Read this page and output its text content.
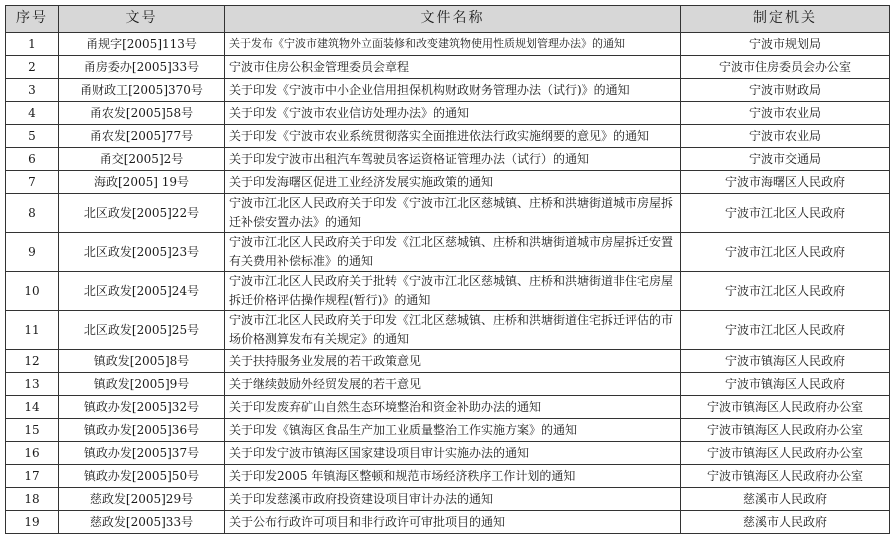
序号	文号	文件名称	制定机关
1	甬规字[2005]113号	关于发布《宁波市建筑物外立面装修和改变建筑物使用性质规划管理办法》的通知	宁波市规划局
2	甬房委办[2005]33号	宁波市住房公积金管理委员会章程	宁波市住房委员会办公室
3	甬财政工[2005]370号	关于印发《宁波市中小企业信用担保机构财政财务管理办法（试行)》的通知	宁波市财政局
4	甬农发[2005]58号	关于印发《宁波市农业信访处理办法》的通知	宁波市农业局
5	甬农发[2005]77号	关于印发《宁波市农业系统贯彻落实全面推进依法行政实施纲要的意见》的通知	宁波市农业局
6	甬交[2005]2号	关于印发宁波市出租汽车驾驶员客运资格证管理办法（试行）的通知	宁波市交通局
7	海政[2005] 19号	关于印发海曙区促进工业经济发展实施政策的通知	宁波市海曙区人民政府
8	北区政发[2005]22号	宁波市江北区人民政府关于印发《宁波市江北区慈城镇、庄桥和洪塘街道城市房屋拆迁补偿安置办法》的通知	宁波市江北区人民政府
9	北区政发[2005]23号	宁波市江北区人民政府关于印发《江北区慈城镇、庄桥和洪塘街道城市房屋拆迁安置有关费用补偿标准》的通知	宁波市江北区人民政府
10	北区政发[2005]24号	宁波市江北区人民政府关于批转《宁波市江北区慈城镇、庄桥和洪塘街道非住宅房屋拆迁价格评估操作规程(暂行)》的通知	宁波市江北区人民政府
11	北区政发[2005]25号	宁波市江北区人民政府关于印发《江北区慈城镇、庄桥和洪塘街道住宅拆迁评估的市场价格测算发布有关规定》的通知	宁波市江北区人民政府
12	镇政发[2005]8号	关于扶持服务业发展的若干政策意见	宁波市镇海区人民政府
13	镇政发[2005]9号	关于继续鼓励外经贸发展的若干意见	宁波市镇海区人民政府
14	镇政办发[2005]32号	关于印发废弃矿山自然生态环境整治和资金补助办法的通知	宁波市镇海区人民政府办公室
15	镇政办发[2005]36号	关于印发《镇海区食品生产加工业质量整治工作实施方案》的通知	宁波市镇海区人民政府办公室
16	镇政办发[2005]37号	关于印发宁波市镇海区国家建设项目审计实施办法的通知	宁波市镇海区人民政府办公室
17	镇政办发[2005]50号	关于印发2005 年镇海区整顿和规范市场经济秩序工作计划的通知	宁波市镇海区人民政府办公室
18	慈政发[2005]29号	关于印发慈溪市政府投资建设项目审计办法的通知	慈溪市人民政府
19	慈政发[2005]33号	关于公布行政许可项目和非行政许可审批项目的通知	慈溪市人民政府
